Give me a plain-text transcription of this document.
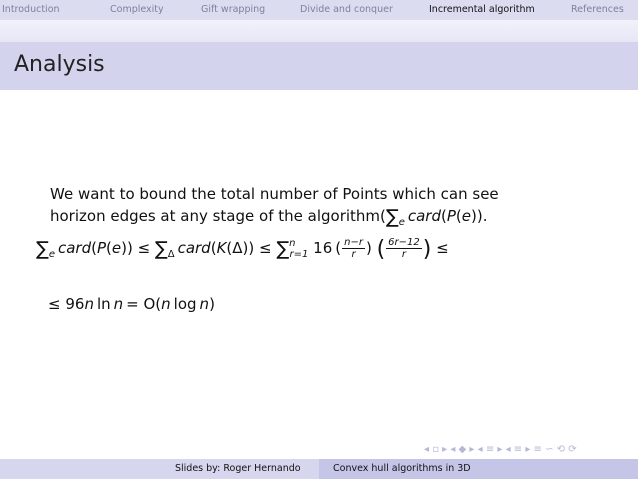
Introduction	Complexity	Gift wrapping	Divide and conquer	Incremental algorithm	References
Analysis
We want to bound the total number of Points which can see
horizon edges at any stage of the $algorithm(\sum_e$  card(P(e)).
$\sum_e$  card(P(e)) ≤ $\sum_\Delta$  card(K(Δ)) ≤ ∑$^n_{r=1}$ 16 ( $\frac{n-r}{r}$ ) ( $\frac{6r-12}{r}$ ) ≤
≤ 96n  ln  n  = O(n  log  n)
◂ ▫ ▸ ◂ ◆ ▸ ◂ ≡ ▸ ◂ ≡ ▸ ≡ ∽ ⟲ ⟳
Slides by: Roger Hernando	Convex hull algorithms in 3D
